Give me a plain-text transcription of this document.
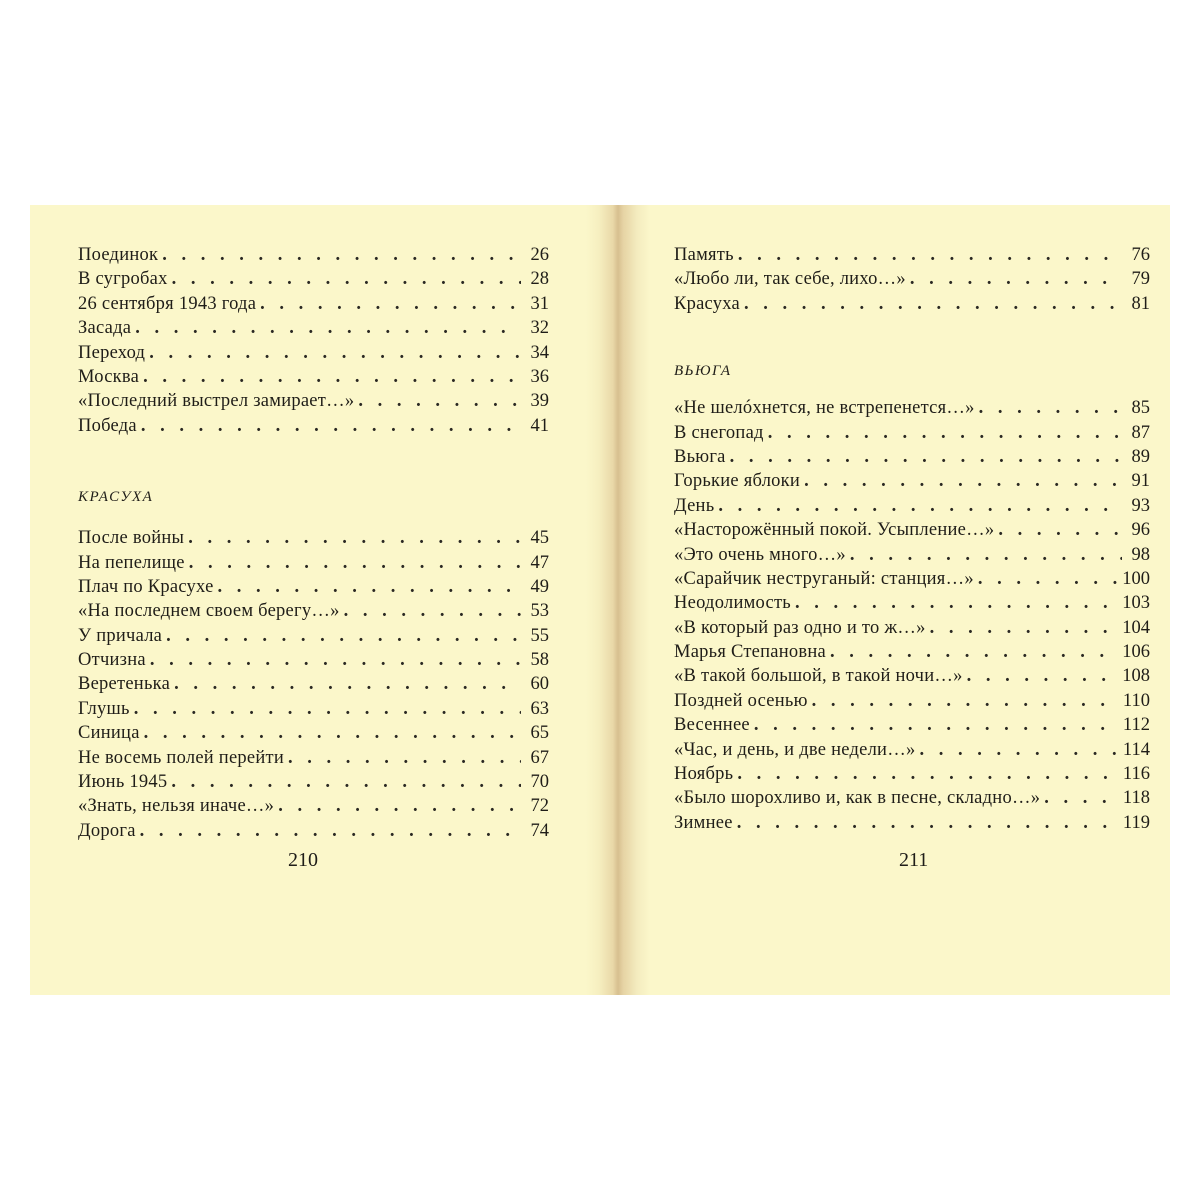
Поединок . . .	26
В сугробах . . .	28
26 сентября 1943 года . . .	31
Засада . . .	32
Переход . . .	34
Москва . . .	36
«Последний выстрел замирает…» . . .	39
Победа . . .	41
КРАСУХА
После войны . . .	45
На пепелище . . .	47
Плач по Красухе . . .	49
«На последнем своем берегу…» . . .	53
У причала . . .	55
Отчизна . . .	58
Веретенька . . .	60
Глушь . . .	63
Синица . . .	65
Не восемь полей перейти . . .	67
Июнь 1945 . . .	70
«Знать, нельзя иначе…» . . .	72
Дорога . . .	74
210
Память . . .	76
«Любо ли, так себе, лихо…» . . .	79
Красуха . . .	81
ВЬЮГА
«Не шелóхнется, не встрепенется…» . . .	85
В снегопад . . .	87
Вьюга . . .	89
Горькие яблоки . . .	91
День . . .	93
«Насторожённый покой. Усыпление…» . . .	96
«Это очень много…» . . .	98
«Сарайчик неструганый: станция…» . . .	100
Неодолимость . . .	103
«В который раз одно и то ж…» . . .	104
Марья Степановна . . .	106
«В такой большой, в такой ночи…» . . .	108
Поздней осенью . . .	110
Весеннее . . .	112
«Час, и день, и две недели…» . . .	114
Ноябрь . . .	116
«Было шорохливо и, как в песне, складно…» . . .	118
Зимнее . . .	119
211
